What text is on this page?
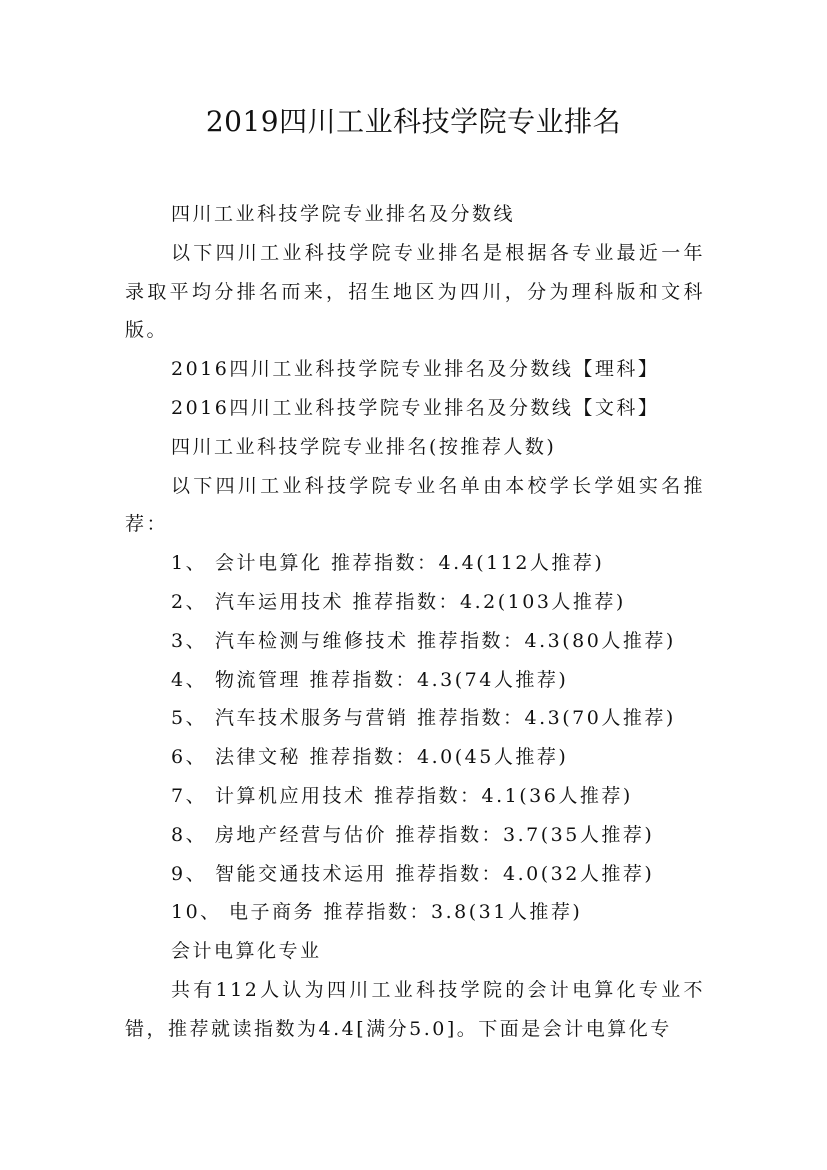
2019四川工业科技学院专业排名

四川工业科技学院专业排名及分数线

以下四川工业科技学院专业排名是根据各专业最近一年录取平均分排名而来，招生地区为四川，分为理科版和文科版。

2016四川工业科技学院专业排名及分数线【理科】

2016四川工业科技学院专业排名及分数线【文科】

四川工业科技学院专业排名(按推荐人数)

以下四川工业科技学院专业名单由本校学长学姐实名推荐：

1、 会计电算化 推荐指数：4.4(112人推荐)

2、 汽车运用技术 推荐指数：4.2(103人推荐)

3、 汽车检测与维修技术 推荐指数：4.3(80人推荐)

4、 物流管理 推荐指数：4.3(74人推荐)

5、 汽车技术服务与营销 推荐指数：4.3(70人推荐)

6、 法律文秘 推荐指数：4.0(45人推荐)

7、 计算机应用技术 推荐指数：4.1(36人推荐)

8、 房地产经营与估价 推荐指数：3.7(35人推荐)

9、 智能交通技术运用 推荐指数：4.0(32人推荐)

10、 电子商务 推荐指数：3.8(31人推荐)

会计电算化专业

共有112人认为四川工业科技学院的会计电算化专业不错，推荐就读指数为4.4[满分5.0]。下面是会计电算化专
